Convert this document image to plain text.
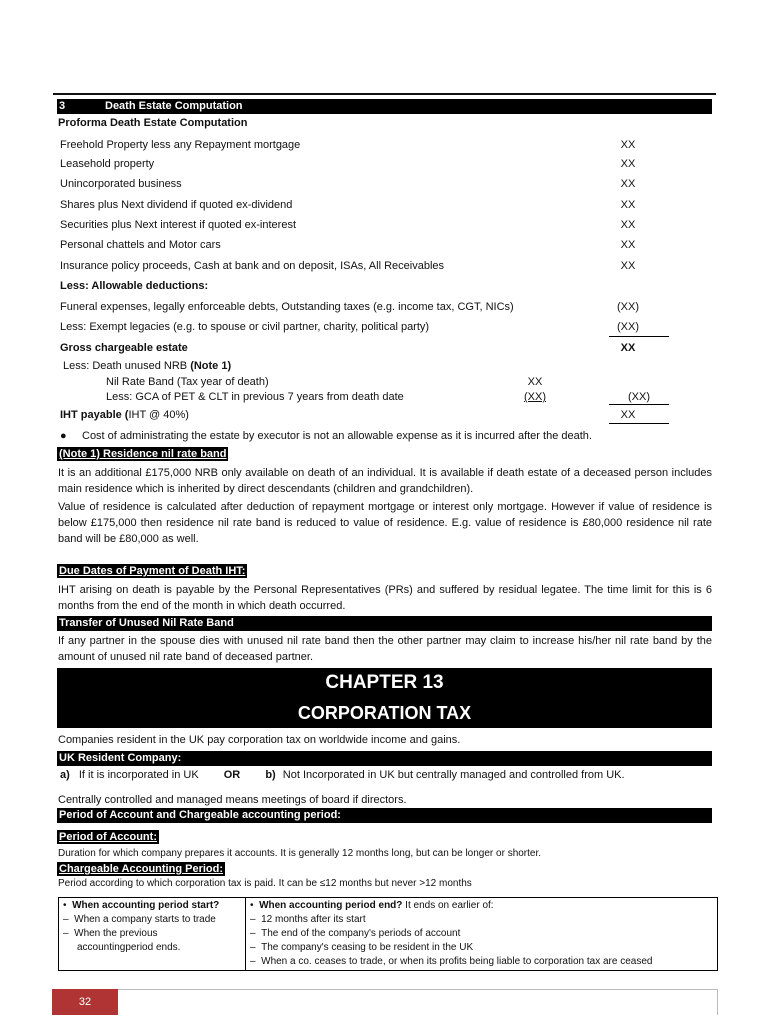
3	Death Estate Computation
Proforma Death Estate Computation
Freehold Property less any Repayment mortgage	XX
Leasehold property	XX
Unincorporated business	XX
Shares plus Next dividend if quoted ex-dividend	XX
Securities plus Next interest if quoted ex-interest	XX
Personal chattels and Motor cars	XX
Insurance policy proceeds, Cash at bank and on deposit, ISAs, All Receivables	XX
Less: Allowable deductions:
Funeral expenses, legally enforceable debts, Outstanding taxes (e.g. income tax, CGT, NICs)	(XX)
Less: Exempt legacies (e.g. to spouse or civil partner, charity, political party)	(XX)
Gross chargeable estate	XX
Less: Death unused NRB (Note 1)
Nil Rate Band (Tax year of death)	XX
Less: GCA of PET & CLT in previous 7 years from death date	(XX)	(XX)
IHT payable (IHT @ 40%)	XX
● Cost of administrating the estate by executor is not an allowable expense as it is incurred after the death.
(Note 1) Residence nil rate band
It is an additional £175,000 NRB only available on death of an individual. It is available if death estate of a deceased person includes main residence which is inherited by direct descendants (children and grandchildren).
Value of residence is calculated after deduction of repayment mortgage or interest only mortgage. However if value of residence is below £175,000 then residence nil rate band is reduced to value of residence. E.g. value of residence is £80,000 residence nil rate band will be £80,000 as well.
Due Dates of Payment of Death IHT:
IHT arising on death is payable by the Personal Representatives (PRs) and suffered by residual legatee. The time limit for this is 6 months from the end of the month in which death occurred.
Transfer of Unused Nil Rate Band
If any partner in the spouse dies with unused nil rate band then the other partner may claim to increase his/her nil rate band by the amount of unused nil rate band of deceased partner.
CHAPTER 13
CORPORATION TAX
Companies resident in the UK pay corporation tax on worldwide income and gains.
UK Resident Company:
a) If it is incorporated in UK OR b) Not Incorporated in UK but centrally managed and controlled from UK.
Centrally controlled and managed means meetings of board if directors.
Period of Account and Chargeable accounting period:
Period of Account:
Duration for which company prepares it accounts. It is generally 12 months long, but can be longer or shorter.
Chargeable Accounting Period:
Period according to which corporation tax is paid. It can be ≤12 months but never >12 months
•  When accounting period start?
–  When a company starts to trade
–  When the previous
accountingperiod ends.

•  When accounting period end? It ends on earlier of:
–  12 months after its start
–  The end of the company's periods of account
–  The company's ceasing to be resident in the UK
–  When a co. ceases to trade, or when its profits being liable to corporation tax are ceased
32
